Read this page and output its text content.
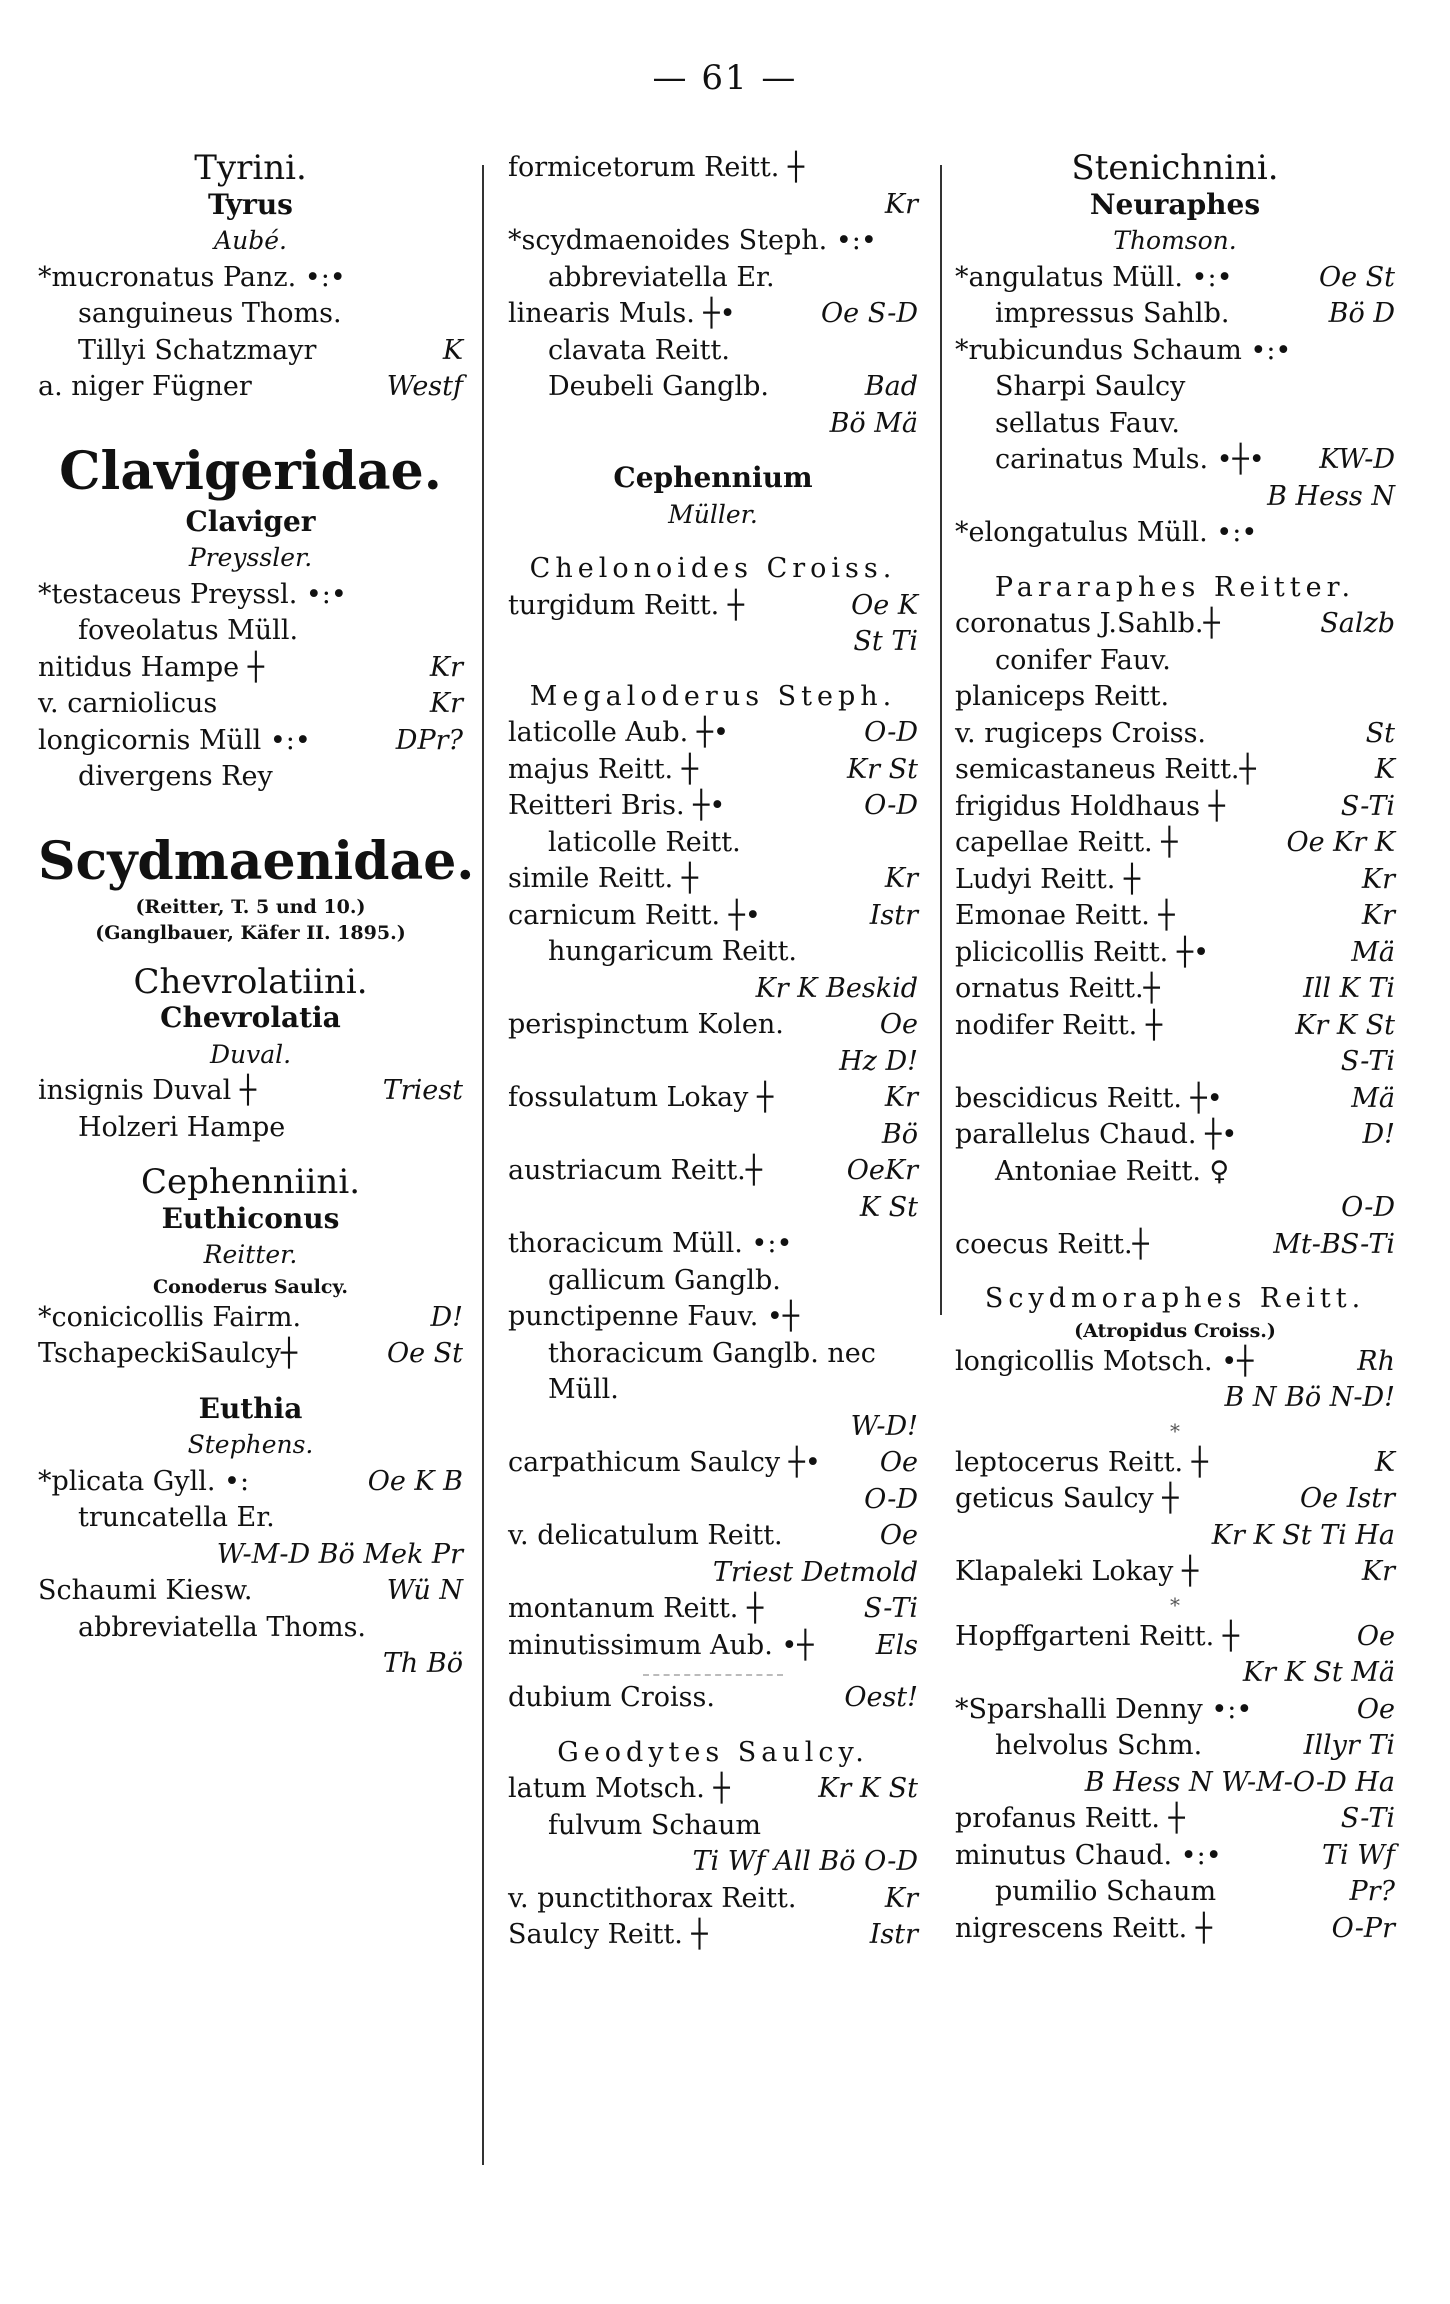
— 61 —
Tyrini.
Tyrus
Aubé.
*mucronatus Panz. •:•
sanguineus Thoms.
Tillyi Schatzmayr	K
a. niger Fügner	Westf
Clavigeridae.
Claviger
Preyssler.
*testaceus Preyssl. •:•
foveolatus Müll.
nitidus Hampe ┼	Kr
v. carniolicus	Kr
longicornis Müll •:•	DPr?
divergens Rey
Scydmaenidae.
(Reitter, T. 5 und 10.)
(Ganglbauer, Käfer II. 1895.)
Chevrolatiini.
Chevrolatia
Duval.
insignis Duval ┼	Triest
Holzeri Hampe
Cephenniini.
Euthiconus
Reitter.
Conoderus Saulcy.
*conicicollis Fairm.	D!
TschapeckiSaulcy┼	Oe St
Euthia
Stephens.
*plicata Gyll. •:	Oe K B
truncatella Er.
W-M-D Bö Mek Pr
Schaumi Kiesw.	Wü N
abbreviatella Thoms.
Th Bö
formicetorum Reitt. ┼
Kr
*scydmaenoides Steph. •:•
abbreviatella Er.
linearis Muls. ┼•	Oe S-D
clavata Reitt.
Deubeli Ganglb.	Bad
Bö Mä
Cephennium
Müller.
Chelonoides Croiss.
turgidum Reitt. ┼	Oe K
St Ti
Megaloderus Steph.
laticolle Aub. ┼•	O-D
majus Reitt. ┼	Kr St
Reitteri Bris. ┼•	O-D
laticolle Reitt.
simile Reitt. ┼	Kr
carnicum Reitt. ┼•	Istr
hungaricum Reitt.
Kr K Beskid
perispinctum Kolen.	Oe
Hz D!
fossulatum Lokay ┼	Kr
Bö
austriacum Reitt.┼	OeKr
K St
thoracicum Müll. •:•
gallicum Ganglb.
punctipenne Fauv. •┼
thoracicum Ganglb. nec
Müll.
W-D!
carpathicum Saulcy ┼• Oe
O-D
v. delicatulum Reitt.	Oe
Triest Detmold
montanum Reitt. ┼	S-Ti
minutissimum Aub. •┼ Els
dubium Croiss.	Oest!
Geodytes Saulcy.
latum Motsch. ┼	Kr K St
fulvum Schaum
Ti Wf All Bö O-D
v. punctithorax Reitt.	Kr
Saulcy Reitt. ┼	Istr
Stenichnini.
Neuraphes
Thomson.
*angulatus Müll. •:•	Oe St
impressus Sahlb.	Bö D
*rubicundus Schaum •:•
Sharpi Saulcy
sellatus Fauv.
carinatus Muls. •┼• KW-D
B Hess N
*elongatulus Müll. •:•
Pararaphes Reitter.
coronatus J.Sahlb.┼	Salzb
conifer Fauv.
planiceps Reitt.
v. rugiceps Croiss.	St
semicastaneus Reitt.┼	K
frigidus Holdhaus ┼	S-Ti
capellae Reitt. ┼	Oe Kr K
Ludyi Reitt. ┼	Kr
Emonae Reitt. ┼	Kr
plicicollis Reitt. ┼•	Mä
ornatus Reitt.┼	Ill K Ti
nodifer Reitt. ┼	Kr K St
S-Ti
bescidicus Reitt. ┼•	Mä
parallelus Chaud. ┼•	D!
Antoniae Reitt. ♀
O-D
coecus Reitt.┼	Mt-BS-Ti
Scydmoraphes Reitt.
(Atropidus Croiss.)
longicollis Motsch. •┼	Rh
B N Bö N-D!
*
leptocerus Reitt. ┼	K
geticus Saulcy ┼	Oe Istr
Kr K St Ti Ha
Klapaleki Lokay ┼	Kr
*
Hopffgarteni Reitt. ┼	Oe
Kr K St Mä
*Sparshalli Denny •:•	Oe
helvolus Schm.	Illyr Ti
B Hess N W-M-O-D Ha
profanus Reitt. ┼	S-Ti
minutus Chaud. •:•	Ti Wf
pumilio Schaum	Pr?
nigrescens Reitt. ┼	O-Pr
